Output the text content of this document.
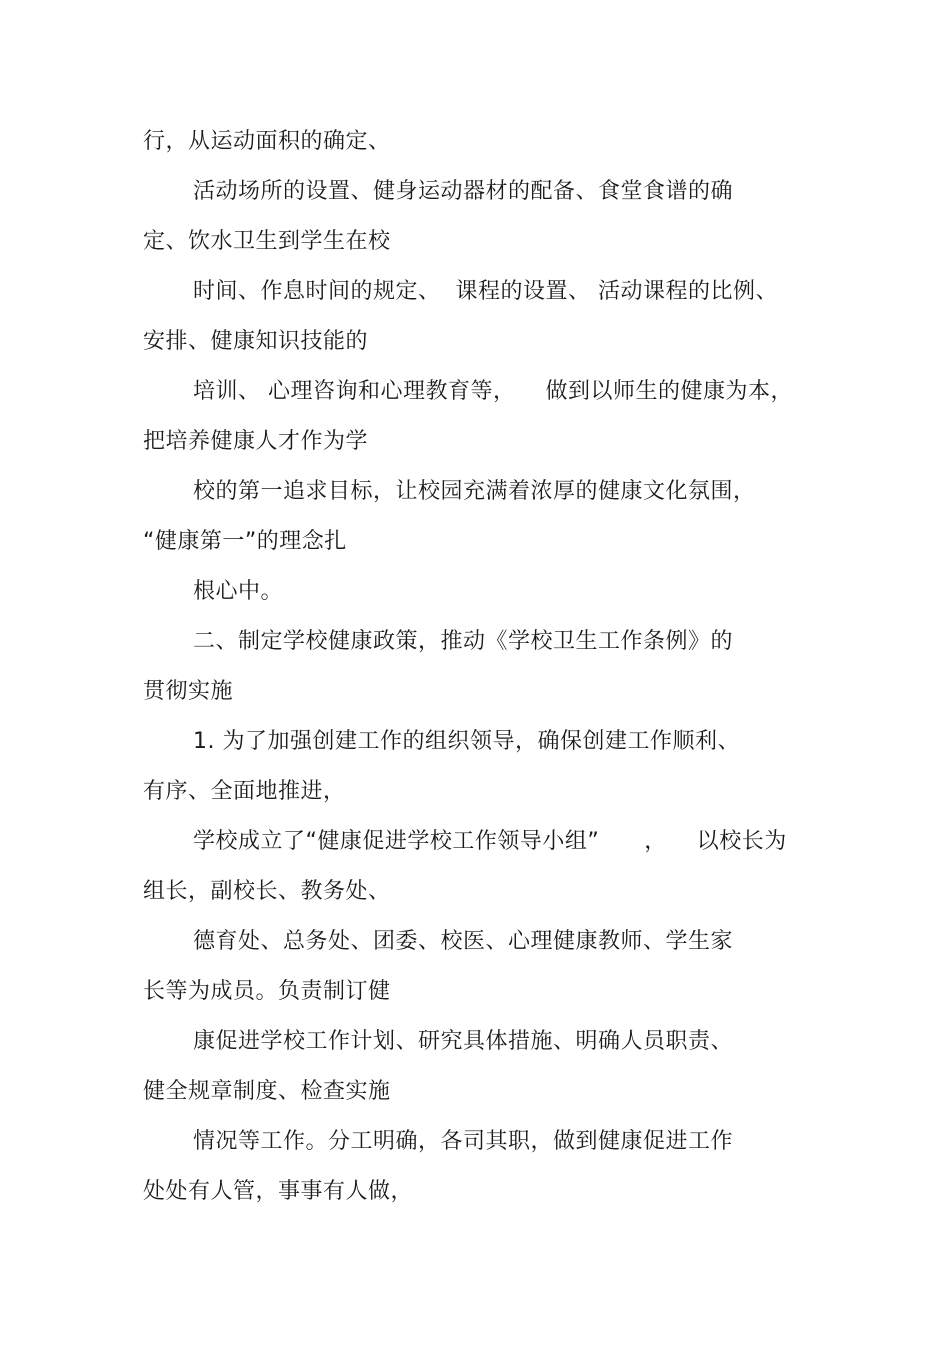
行，从运动面积的确定、
活动场所的设置、健身运动器材的配备、食堂食谱的确
定、饮水卫生到学生在校
时间、作息时间的规定、  课程的设置、 活动课程的比例、
安排、健康知识技能的
培训、 心理咨询和心理教育等，    做到以师生的健康为本，
把培养健康人才作为学
校的第一追求目标，让校园充满着浓厚的健康文化氛围，
“健康第一”的理念扎
根心中。
二、制定学校健康政策，推动《学校卫生工作条例》的
贯彻实施
1. 为了加强创建工作的组织领导，确保创建工作顺利、
有序、全面地推进，
学校成立了“健康促进学校工作领导小组”      ，    以校长为
组长，副校长、教务处、
德育处、总务处、团委、校医、心理健康教师、学生家
长等为成员。负责制订健
康促进学校工作计划、研究具体措施、明确人员职责、
健全规章制度、检查实施
情况等工作。分工明确，各司其职，做到健康促进工作
处处有人管，事事有人做，
